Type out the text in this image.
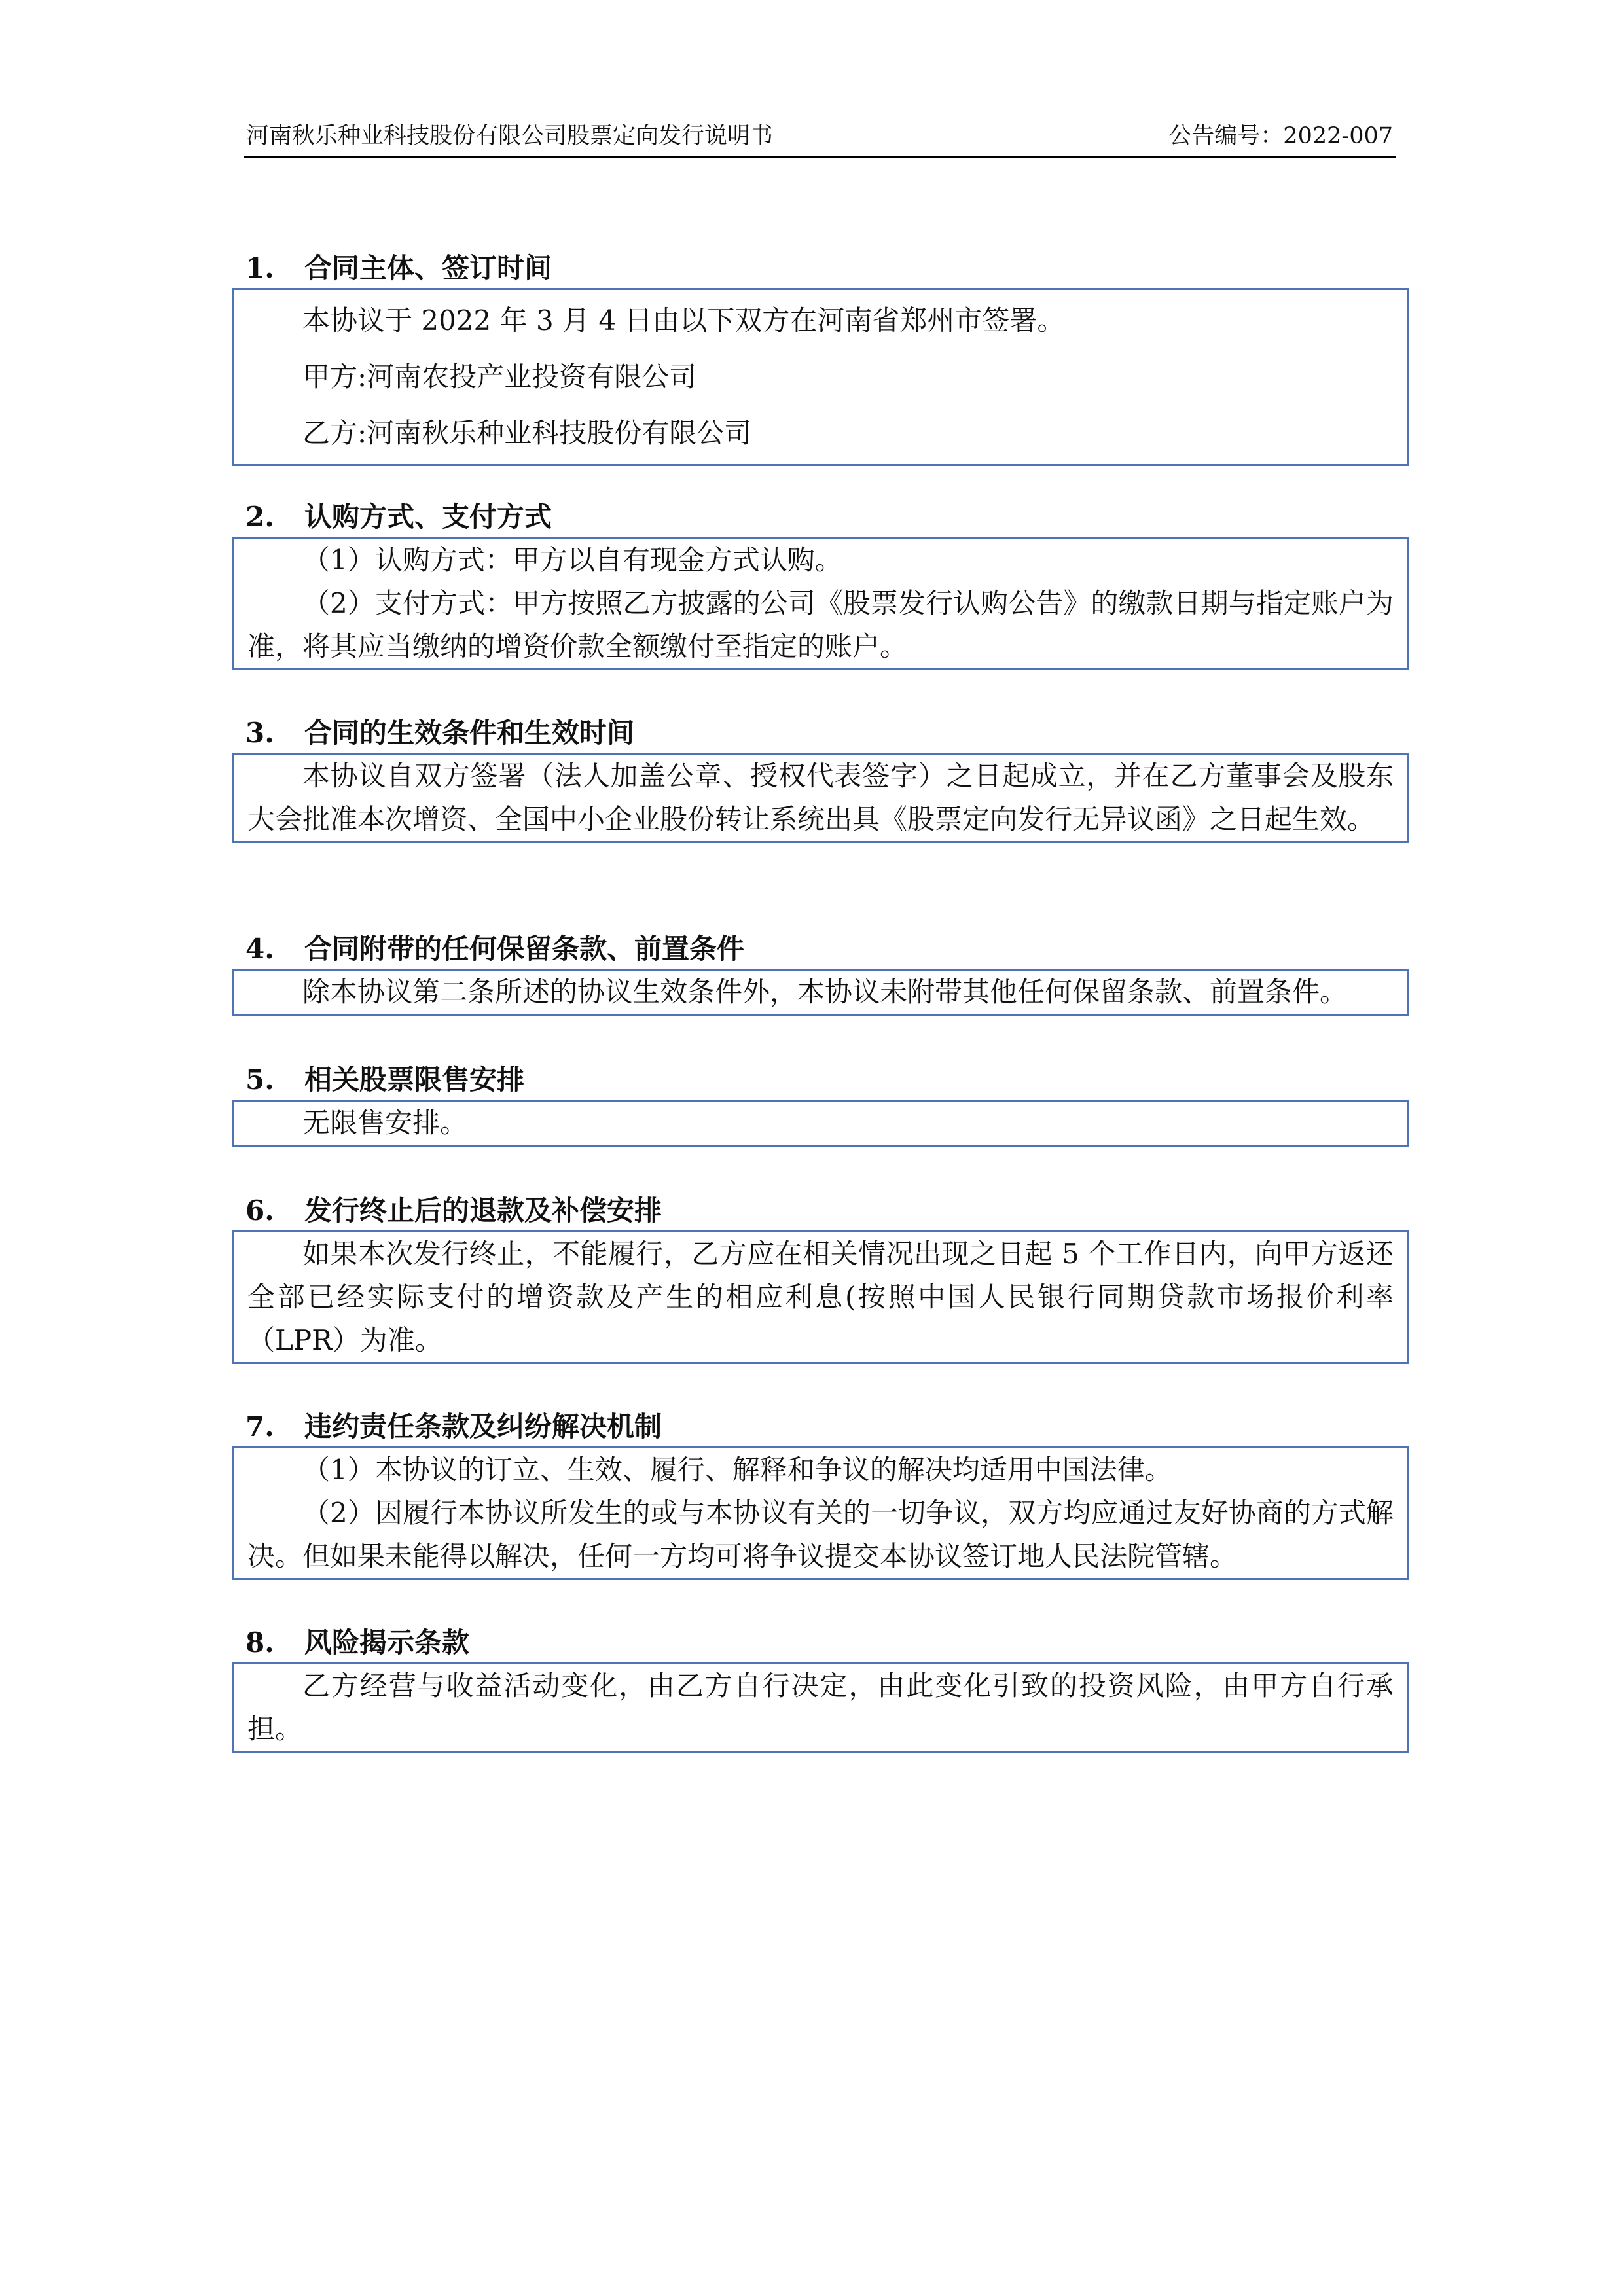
河南秋乐种业科技股份有限公司股票定向发行说明书	公告编号：2022-007
1. 合同主体、签订时间

本协议于 2022 年 3 月 4 日由以下双方在河南省郑州市签署。

甲方:河南农投产业投资有限公司

乙方:河南秋乐种业科技股份有限公司

2. 认购方式、支付方式

（1）认购方式：甲方以自有现金方式认购。

（2）支付方式：甲方按照乙方披露的公司《股票发行认购公告》的缴款日期与指定账户为准，将其应当缴纳的增资价款全额缴付至指定的账户。

3. 合同的生效条件和生效时间

本协议自双方签署（法人加盖公章、授权代表签字）之日起成立，并在乙方董事会及股东大会批准本次增资、全国中小企业股份转让系统出具《股票定向发行无异议函》之日起生效。

4. 合同附带的任何保留条款、前置条件

除本协议第二条所述的协议生效条件外，本协议未附带其他任何保留条款、前置条件。

5. 相关股票限售安排

无限售安排。

6. 发行终止后的退款及补偿安排

如果本次发行终止，不能履行，乙方应在相关情况出现之日起 5 个工作日内，向甲方返还全部已经实际支付的增资款及产生的相应利息(按照中国人民银行同期贷款市场报价利率（LPR）为准。

7. 违约责任条款及纠纷解决机制

（1）本协议的订立、生效、履行、解释和争议的解决均适用中国法律。

（2）因履行本协议所发生的或与本协议有关的一切争议，双方均应通过友好协商的方式解决。但如果未能得以解决，任何一方均可将争议提交本协议签订地人民法院管辖。

8. 风险揭示条款

乙方经营与收益活动变化，由乙方自行决定，由此变化引致的投资风险，由甲方自行承担。
